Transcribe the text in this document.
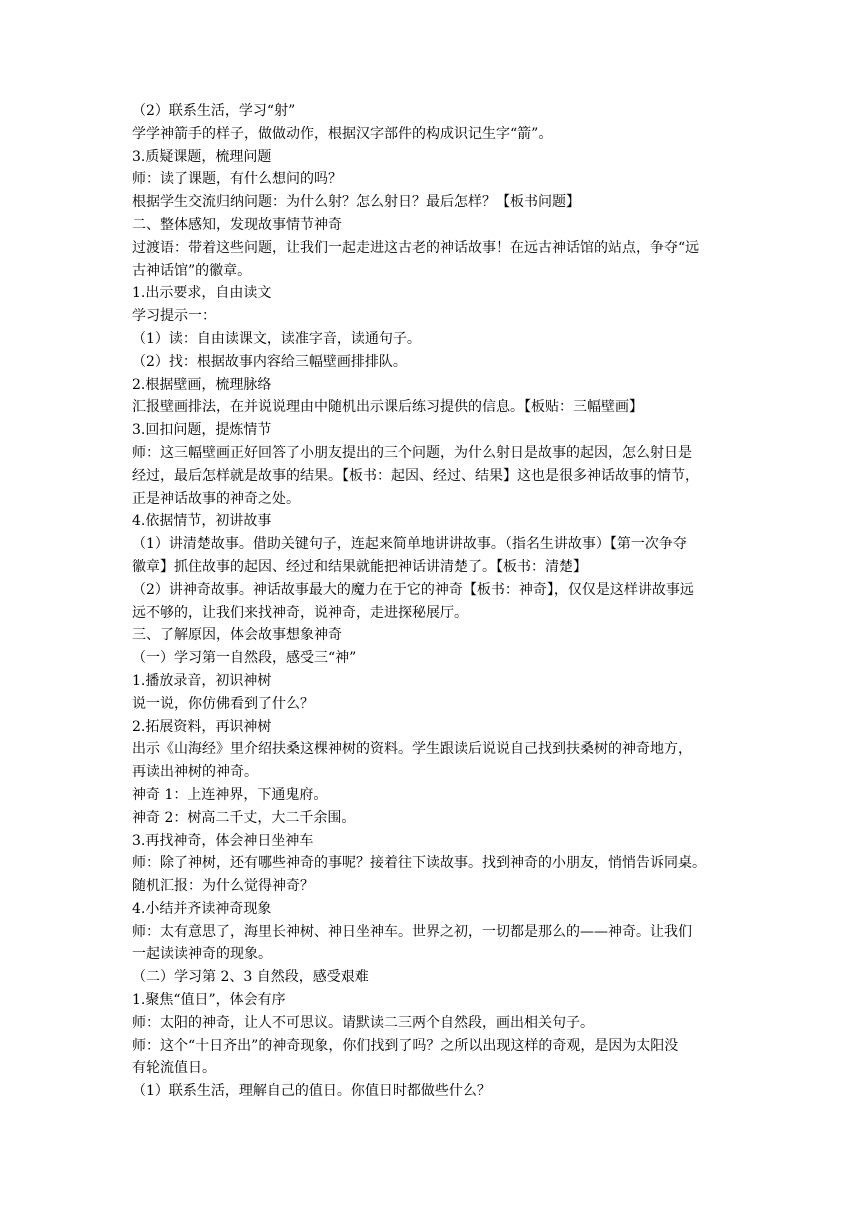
（2）联系生活，学习“射”

学学神箭手的样子，做做动作，根据汉字部件的构成识记生字“箭”。

3.质疑课题，梳理问题

师：读了课题，有什么想问的吗？

根据学生交流归纳问题：为什么射？怎么射日？最后怎样？【板书问题】

二、整体感知，发现故事情节神奇

过渡语：带着这些问题，让我们一起走进这古老的神话故事！在远古神话馆的站点，争夺“远

古神话馆”的徽章。

1.出示要求，自由读文

学习提示一：

（1）读：自由读课文，读准字音，读通句子。

（2）找：根据故事内容给三幅壁画排排队。

2.根据壁画，梳理脉络

汇报壁画排法，在并说说理由中随机出示课后练习提供的信息。【板贴：三幅壁画】

3.回扣问题，提炼情节

师：这三幅壁画正好回答了小朋友提出的三个问题，为什么射日是故事的起因，怎么射日是

经过，最后怎样就是故事的结果。【板书：起因、经过、结果】这也是很多神话故事的情节，

正是神话故事的神奇之处。

4.依据情节，初讲故事

（1）讲清楚故事。借助关键句子，连起来简单地讲讲故事。（指名生讲故事）【第一次争夺

徽章】抓住故事的起因、经过和结果就能把神话讲清楚了。【板书：清楚】

（2）讲神奇故事。神话故事最大的魔力在于它的神奇【板书：神奇】，仅仅是这样讲故事远

远不够的，让我们来找神奇，说神奇，走进探秘展厅。

三、了解原因，体会故事想象神奇

（一）学习第一自然段，感受三“神”

1.播放录音，初识神树

说一说，你仿佛看到了什么？

2.拓展资料，再识神树

出示《山海经》里介绍扶桑这棵神树的资料。学生跟读后说说自己找到扶桑树的神奇地方，

再读出神树的神奇。

神奇 1：上连神界，下通鬼府。

神奇 2：树高二千丈，大二千余围。

3.再找神奇，体会神日坐神车

师：除了神树，还有哪些神奇的事呢？接着往下读故事。找到神奇的小朋友，悄悄告诉同桌。

随机汇报：为什么觉得神奇？

4.小结并齐读神奇现象

师：太有意思了，海里长神树、神日坐神车。世界之初，一切都是那么的——神奇。让我们

一起读读神奇的现象。

（二）学习第 2、3 自然段，感受艰难

1.聚焦“值日”，体会有序

师：太阳的神奇，让人不可思议。请默读二三两个自然段，画出相关句子。

师：这个“十日齐出”的神奇现象，你们找到了吗？之所以出现这样的奇观，是因为太阳没

有轮流值日。

（1）联系生活，理解自己的值日。你值日时都做些什么？
